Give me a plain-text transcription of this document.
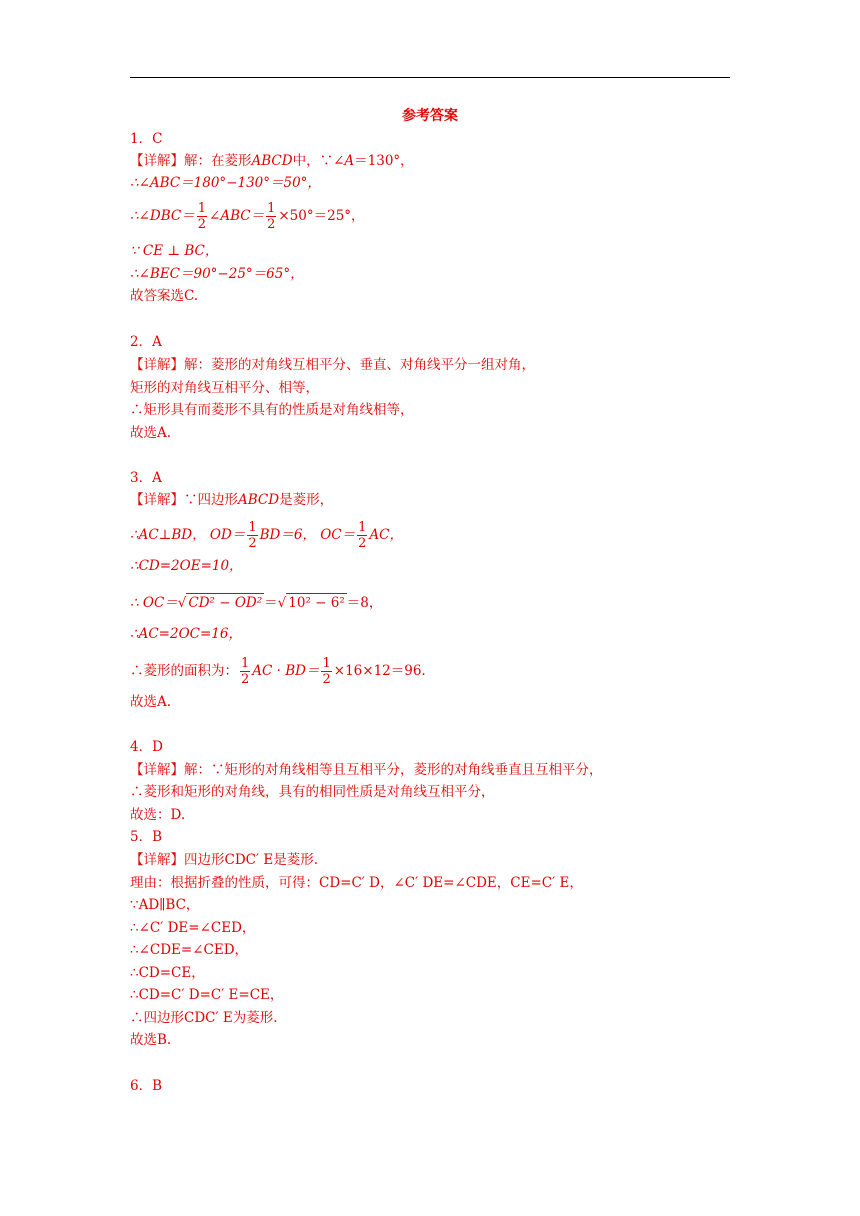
参考答案
1．C
【详解】解：在菱形ABCD中，∵∠A＝130°，
∴∠ABC＝180°−130°＝50°，
∴∠DBC＝ $\frac{1}{2}$ ∠ABC＝ $\frac{1}{2} \times 50^\circ=25^\circ$，
∵ CE ⊥ BC，
∴∠BEC＝90°−25°＝65°，
故答案选C.
2．A
【详解】解：菱形的对角线互相平分、垂直、对角线平分一组对角，
矩形的对角线互相平分、相等，
∴矩形具有而菱形不具有的性质是对角线相等，
故选A.
3．A
【详解】∵四边形ABCD是菱形，
∴AC⊥BD， $OD= \frac{1}{2} BD=6$， $OC= \frac{1}{2}$ AC，
∴CD=2OE=10，
∴ OC＝√ CD² − OD² ＝√ 10² − 6² ＝8，
∴AC=2OC=16，
∴菱形的面积为： $\frac{1}{2}$ AC · $BD= \frac{1}{2} \times 16\times 12=96$.
故选A.
4．D
【详解】解：∵矩形的对角线相等且互相平分，菱形的对角线垂直且互相平分，
∴菱形和矩形的对角线，具有的相同性质是对角线互相平分，
故选：D.
5．B
【详解】四边形CDC′ E是菱形.
理由：根据折叠的性质，可得：CD=C′ D，∠C′ DE=∠CDE，CE=C′ E，
∵AD∥BC，
∴∠C′ DE=∠CED，
∴∠CDE=∠CED，
∴CD=CE，
∴CD=C′ D=C′ E=CE，
∴四边形CDC′ E为菱形.
故选B.
6．B
